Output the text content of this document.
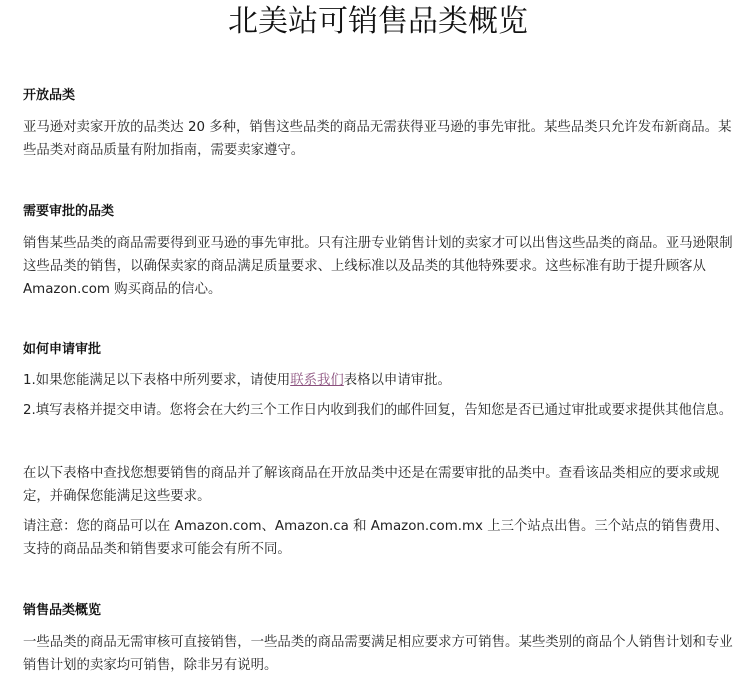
北美站可销售品类概览
开放品类

亚马逊对卖家开放的品类达 20 多种，销售这些品类的商品无需获得亚马逊的事先审批。某些品类只允许发布新商品。某些品类对商品质量有附加指南，需要卖家遵守。

需要审批的品类

销售某些品类的商品需要得到亚马逊的事先审批。只有注册专业销售计划的卖家才可以出售这些品类的商品。亚马逊限制这些品类的销售，以确保卖家的商品满足质量要求、上线标准以及品类的其他特殊要求。这些标准有助于提升顾客从 Amazon.com 购买商品的信心。

如何申请审批

1.如果您能满足以下表格中所列要求，请使用联系我们表格以申请审批。

2.填写表格并提交申请。您将会在大约三个工作日内收到我们的邮件回复，告知您是否已通过审批或要求提供其他信息。

在以下表格中查找您想要销售的商品并了解该商品在开放品类中还是在需要审批的品类中。查看该品类相应的要求或规定，并确保您能满足这些要求。

请注意：您的商品可以在 Amazon.com、Amazon.ca 和 Amazon.com.mx 上三个站点出售。三个站点的销售费用、支持的商品品类和销售要求可能会有所不同。

销售品类概览

一些品类的商品无需审核可直接销售，一些品类的商品需要满足相应要求方可销售。某些类别的商品个人销售计划和专业销售计划的卖家均可销售，除非另有说明。
